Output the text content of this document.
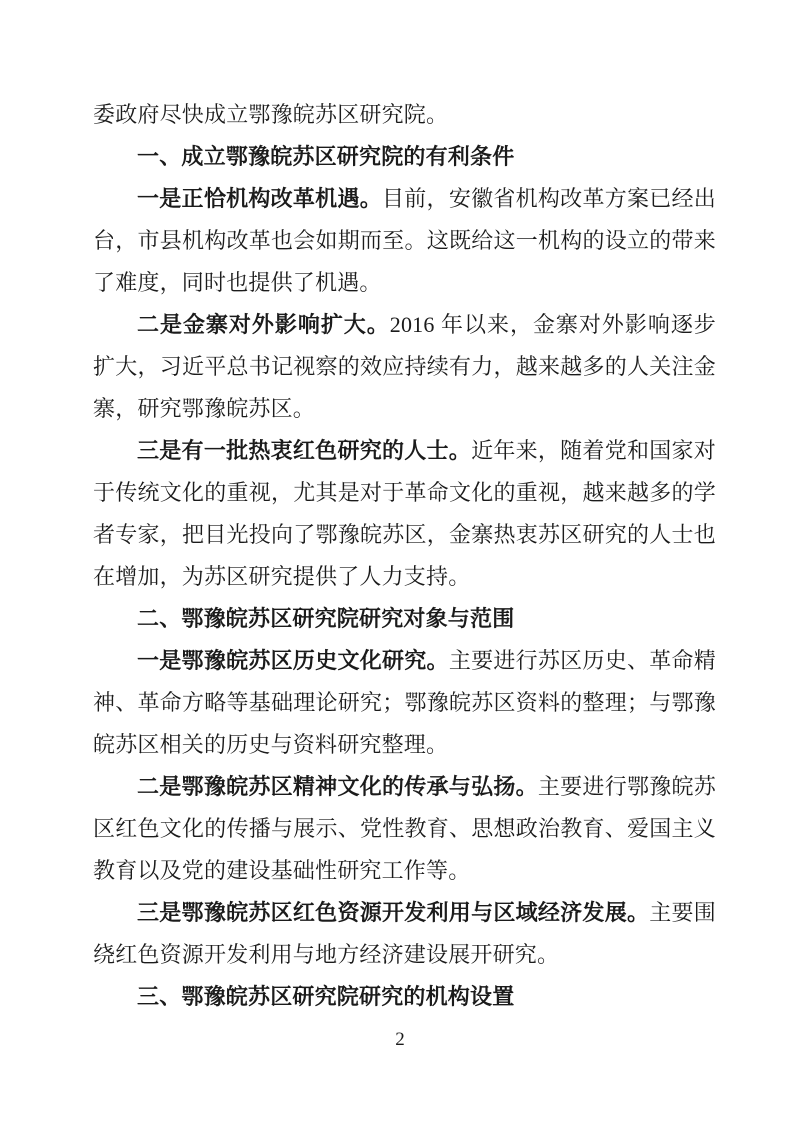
委政府尽快成立鄂豫皖苏区研究院。

一、成立鄂豫皖苏区研究院的有利条件

一是正恰机构改革机遇。目前，安徽省机构改革方案已经出台，市县机构改革也会如期而至。这既给这一机构的设立的带来了难度，同时也提供了机遇。

二是金寨对外影响扩大。2016 年以来，金寨对外影响逐步扩大，习近平总书记视察的效应持续有力，越来越多的人关注金寨，研究鄂豫皖苏区。

三是有一批热衷红色研究的人士。近年来，随着党和国家对于传统文化的重视，尤其是对于革命文化的重视，越来越多的学者专家，把目光投向了鄂豫皖苏区，金寨热衷苏区研究的人士也在增加，为苏区研究提供了人力支持。

二、鄂豫皖苏区研究院研究对象与范围

一是鄂豫皖苏区历史文化研究。主要进行苏区历史、革命精神、革命方略等基础理论研究；鄂豫皖苏区资料的整理；与鄂豫皖苏区相关的历史与资料研究整理。

二是鄂豫皖苏区精神文化的传承与弘扬。主要进行鄂豫皖苏区红色文化的传播与展示、党性教育、思想政治教育、爱国主义教育以及党的建设基础性研究工作等。

三是鄂豫皖苏区红色资源开发利用与区域经济发展。主要围绕红色资源开发利用与地方经济建设展开研究。

三、鄂豫皖苏区研究院研究的机构设置

2
